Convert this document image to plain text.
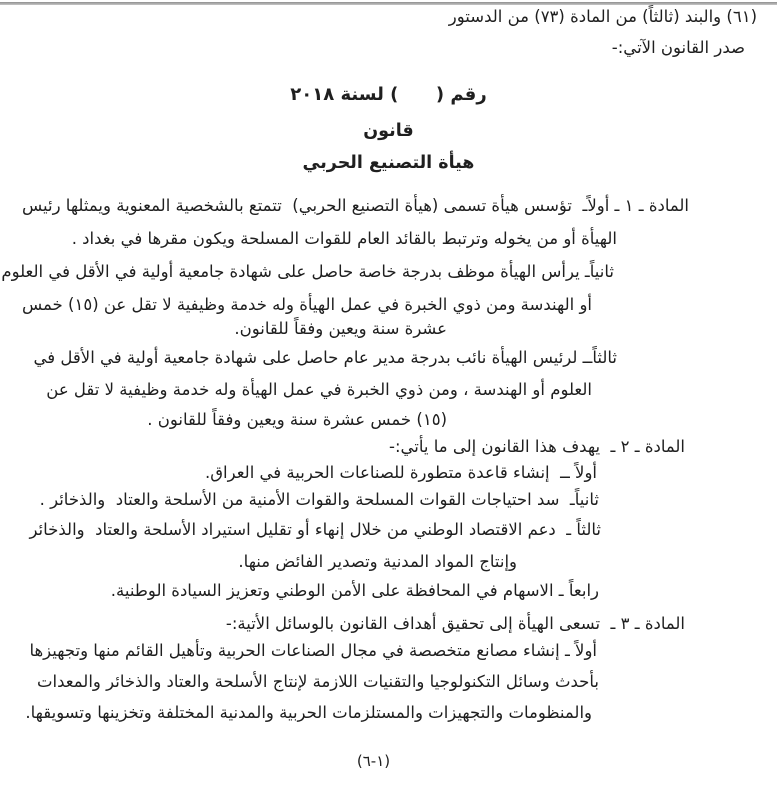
(٦١) والبند (ثالثاً) من المادة (٧٣) من الدستور
صدر القانون الآتي:-
رقم (      ) لسنة ٢٠١٨
قانون
هيأة التصنيع الحربي
المادة ـ ١ ـ أولاًـ  تؤسس هيأة تسمى (هيأة التصنيع الحربي)  تتمتع بالشخصية المعنوية ويمثلها رئيس
الهيأة أو من يخوله وترتبط بالقائد العام للقوات المسلحة ويكون مقرها في بغداد .
ثانياًـ يرأس الهيأة موظف بدرجة خاصة حاصل على شهادة جامعية أولية في الأقل في العلوم
أو الهندسة ومن ذوي الخبرة في عمل الهيأة وله خدمة وظيفية لا تقل عن (١٥) خمس
عشرة سنة ويعين وفقاً للقانون.
ثالثاًــ لرئيس الهيأة نائب بدرجة مدير عام حاصل على شهادة جامعية أولية في الأقل في
العلوم أو الهندسة ، ومن ذوي الخبرة في عمل الهيأة وله خدمة وظيفية لا تقل عن
(١٥) خمس عشرة سنة ويعين وفقاً للقانون .
المادة ـ ٢ ـ  يهدف هذا القانون إلى ما يأتي:-
أولاً ــ  إنشاء قاعدة متطورة للصناعات الحربية في العراق.
ثانياًـ  سد احتياجات القوات المسلحة والقوات الأمنية من الأسلحة والعتاد  والذخائر .
ثالثاً ـ  دعم الاقتصاد الوطني من خلال إنهاء أو تقليل استيراد الأسلحة والعتاد  والذخائر
وإنتاج المواد المدنية وتصدير الفائض منها.
رابعاً ـ الاسهام في المحافظة على الأمن الوطني وتعزيز السيادة الوطنية.
المادة ـ ٣ ـ  تسعى الهيأة إلى تحقيق أهداف القانون بالوسائل الأتية:-
أولاً ـ إنشاء مصانع متخصصة في مجال الصناعات الحربية وتأهيل القائم منها وتجهيزها
بأحدث وسائل التكنولوجيا والتقنيات اللازمة لإنتاج الأسلحة والعتاد والذخائر والمعدات
والمنظومات والتجهيزات والمستلزمات الحربية والمدنية المختلفة وتخزينها وتسويقها.
(١-٦)
